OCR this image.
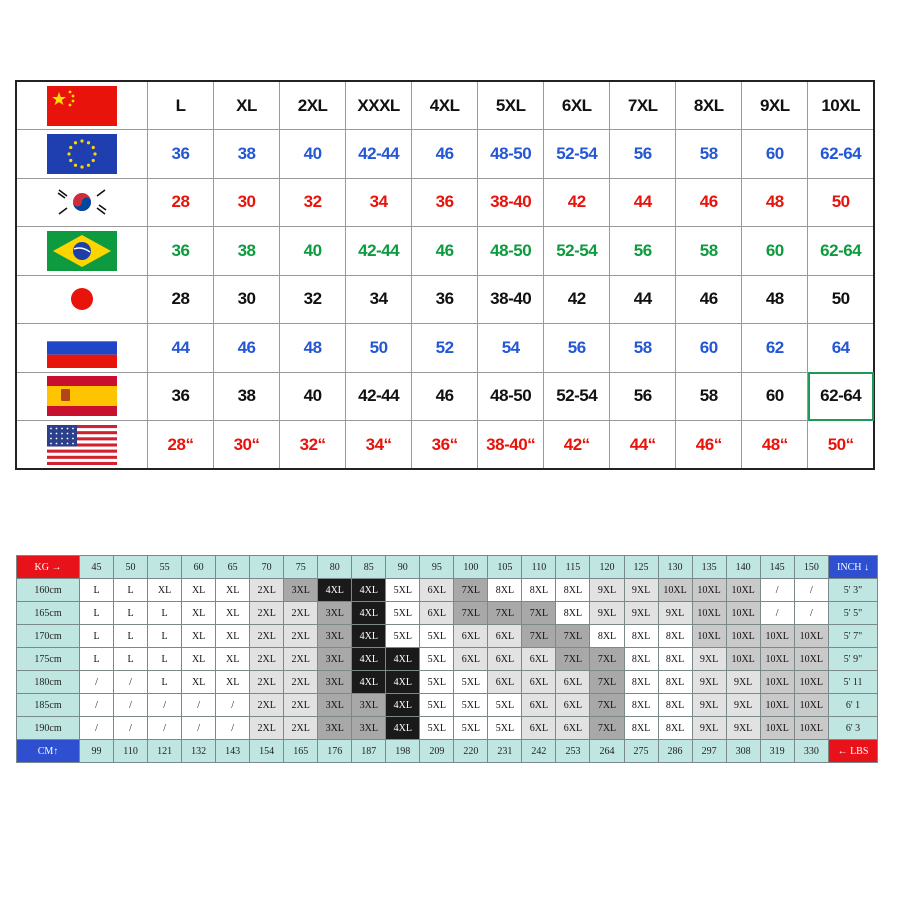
	L	XL	2XL	XXXL	4XL	5XL	6XL	7XL	8XL	9XL	10XL
	36	38	40	42-44	46	48-50	52-54	56	58	60	62-64
	28	30	32	34	36	38-40	42	44	46	48	50
	36	38	40	42-44	46	48-50	52-54	56	58	60	62-64
	28	30	32	34	36	38-40	42	44	46	48	50
	44	46	48	50	52	54	56	58	60	62	64
	36	38	40	42-44	46	48-50	52-54	56	58	60	62-64
	28“	30“	32“	34“	36“	38-40“	42“	44“	46“	48“	50“
KG →	45	50	55	60	65	70	75	80	85	90	95	100	105	110	115	120	125	130	135	140	145	150	INCH ↓
160cm	L	L	XL	XL	XL	2XL	3XL	4XL	4XL	5XL	6XL	7XL	8XL	8XL	8XL	9XL	9XL	10XL	10XL	10XL	/	/	5' 3"
165cm	L	L	L	XL	XL	2XL	2XL	3XL	4XL	5XL	6XL	7XL	7XL	7XL	8XL	9XL	9XL	9XL	10XL	10XL	/	/	5' 5"
170cm	L	L	L	XL	XL	2XL	2XL	3XL	4XL	5XL	5XL	6XL	6XL	7XL	7XL	8XL	8XL	8XL	10XL	10XL	10XL	10XL	5' 7"
175cm	L	L	L	XL	XL	2XL	2XL	3XL	4XL	4XL	5XL	6XL	6XL	6XL	7XL	7XL	8XL	8XL	9XL	10XL	10XL	10XL	5' 9"
180cm	/	/	L	XL	XL	2XL	2XL	3XL	4XL	4XL	5XL	5XL	6XL	6XL	6XL	7XL	8XL	8XL	9XL	9XL	10XL	10XL	5' 11
185cm	/	/	/	/	/	2XL	2XL	3XL	3XL	4XL	5XL	5XL	5XL	6XL	6XL	7XL	8XL	8XL	9XL	9XL	10XL	10XL	6' 1
190cm	/	/	/	/	/	2XL	2XL	3XL	3XL	4XL	5XL	5XL	5XL	6XL	6XL	7XL	8XL	8XL	9XL	9XL	10XL	10XL	6' 3
CM↑	99	110	121	132	143	154	165	176	187	198	209	220	231	242	253	264	275	286	297	308	319	330	← LBS
